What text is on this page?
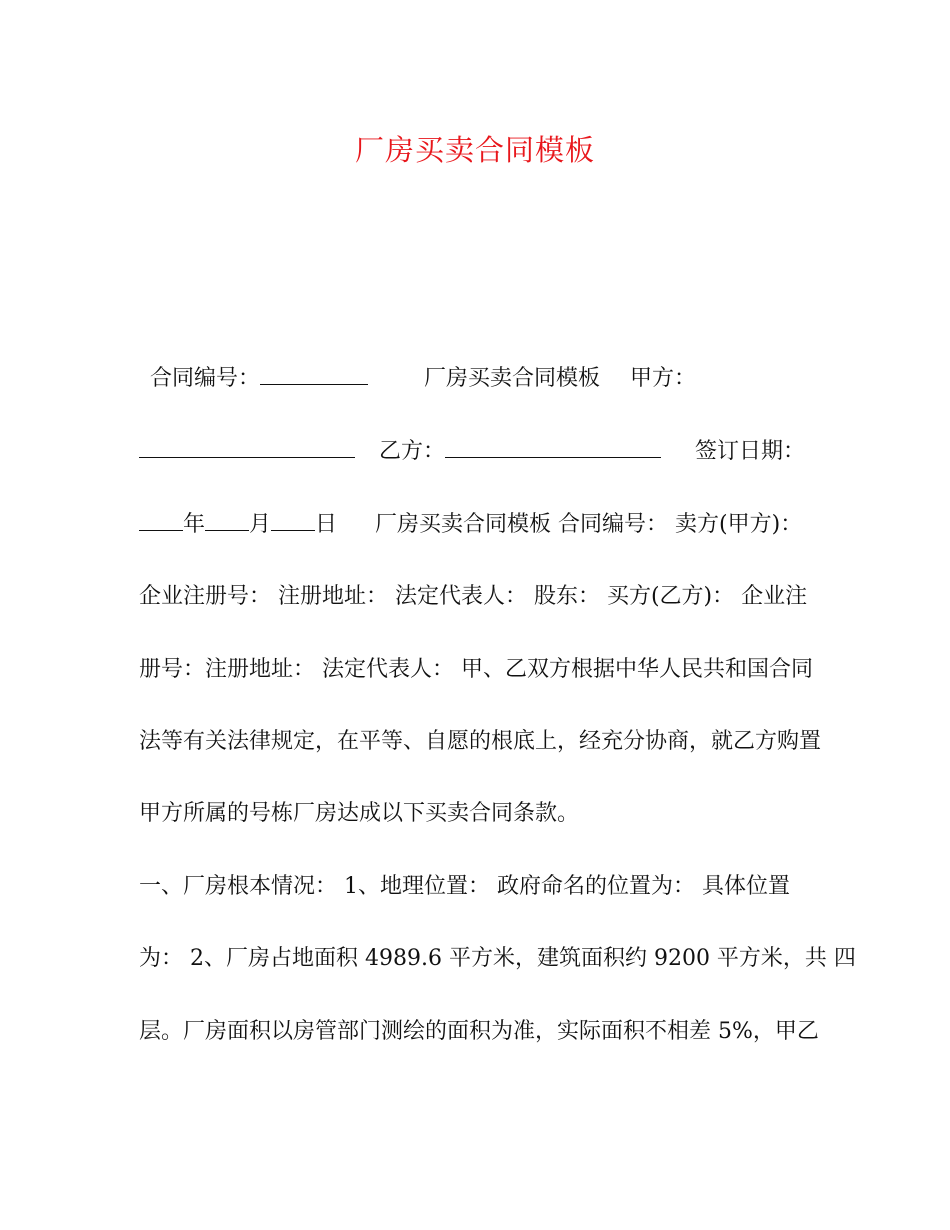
厂房买卖合同模板
合同编号：	厂房买卖合同模板 甲方：
乙方：	签订日期：
年 月 日 厂房买卖合同模板 合同编号： 卖方(甲方)：
企业注册号： 注册地址： 法定代表人： 股东： 买方(乙方)： 企业注
册号：注册地址： 法定代表人： 甲、乙双方根据中华人民共和国合同
法等有关法律规定，在平等、自愿的根底上，经充分协商，就乙方购置
甲方所属的号栋厂房达成以下买卖合同条款。
一、厂房根本情况： 1、地理位置： 政府命名的位置为： 具体位置
为： 2、厂房占地面积 4989.6 平方米，建筑面积约 9200 平方米，共 四
层。厂房面积以房管部门测绘的面积为准，实际面积不相差 5%，甲乙
